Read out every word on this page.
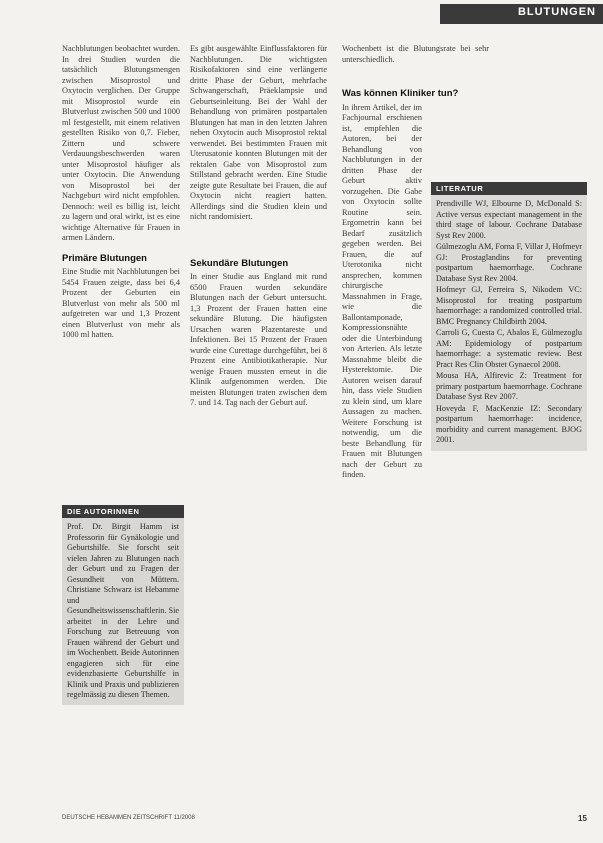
BLUTUNGEN

Nachblutungen beobachtet wurden. In drei Studien wurden die tatsächlich Blutungsmengen zwischen Misoprostol und Oxytocin verglichen. Der Gruppe mit Misoprostol wurde ein Blutverlust zwischen 500 und 1000 ml festgestellt, mit einem relativen gestellten Risiko von 0,7. Fieber, Zittern und schwere Verdauungsbeschwerden waren unter Misoprostol häufiger als unter Oxytocin. Die Anwendung von Misoprostol bei der Nachgeburt wird nicht empfohlen. Dennoch: weil es billig ist, leicht zu lagern und oral wirkt, ist es eine wichtige Alternative für Frauen in armen Ländern.

Primäre Blutungen

Eine Studie mit Nachblutungen bei 5454 Frauen zeigte, dass bei 6,4 Prozent der Geburten ein Blutverlust von mehr als 500 ml aufgetreten war und 1,3 Prozent einen Blutverlust von mehr als 1000 ml hatten.

DIE AUTORINNEN
Prof. Dr. Birgit Hamm ist Professorin für Gynäkologie und Geburtshilfe. Sie forscht seit vielen Jahren zu Blutungen nach der Geburt und zu Fragen der Gesundheit von Müttern. Christiane Schwarz ist Hebamme und Gesundheitswissenschaftlerin. Sie arbeitet in der Lehre und Forschung zur Betreuung von Frauen während der Geburt und im Wochenbett. Beide Autorinnen engagieren sich für eine evidenzbasierte Geburtshilfe in Klinik und Praxis und publizieren regelmässig zu diesen Themen.

Es gibt ausgewählte Einflussfaktoren für Nachblutungen. Die wichtigsten Risikofaktoren sind eine verlängerte dritte Phase der Geburt, mehrfache Schwangerschaft, Präeklampsie und Geburtseinleitung. Bei der Wahl der Behandlung von primären postpartalen Blutungen hat man in den letzten Jahren neben Oxytocin auch Misoprostol rektal verwendet. Bei bestimmten Frauen mit Uterusatonie konnten Blutungen mit der rektalen Gabe von Misoprostol zum Stillstand gebracht werden. Eine Studie zeigte gute Resultate bei Frauen, die auf Oxytocin nicht reagiert hatten. Allerdings sind die Studien klein und nicht randomisiert.

Sekundäre Blutungen

In einer Studie aus England mit rund 6500 Frauen wurden sekundäre Blutungen nach der Geburt untersucht. 1,3 Prozent der Frauen hatten eine sekundäre Blutung. Die häufigsten Ursachen waren Plazentareste und Infektionen. Bei 15 Prozent der Frauen wurde eine Curettage durchgeführt, bei 8 Prozent eine Antibiotikatherapie. Nur wenige Frauen mussten erneut in die Klinik aufgenommen werden. Die meisten Blutungen traten zwischen dem 7. und 14. Tag nach der Geburt auf.

Wochenbett ist die Blutungsrate bei sehr unterschiedlich.

Was können Kliniker tun?

In ihrem Artikel, der im Fachjournal erschienen ist, empfehlen die Autoren, bei der Behandlung von Nachblutungen in der dritten Phase der Geburt aktiv vorzugehen. Die Gabe von Oxytocin sollte Routine sein. Ergometrin kann bei Bedarf zusätzlich gegeben werden. Bei Frauen, die auf Uterotonika nicht ansprechen, kommen chirurgische Massnahmen in Frage, wie die Ballontamponade, Kompressionsnähte oder die Unterbindung von Arterien. Als letzte Massnahme bleibt die Hysterektomie. Die Autoren weisen darauf hin, dass viele Studien zu klein sind, um klare Aussagen zu machen. Weitere Forschung ist notwendig, um die beste Behandlung für Frauen mit Blutungen nach der Geburt zu finden.

LITERATUR

Prendiville WJ, Elbourne D, McDonald S: Active versus expectant management in the third stage of labour. Cochrane Database Syst Rev 2000.

Gülmezoglu AM, Forna F, Villar J, Hofmeyr GJ: Prostaglandins for preventing postpartum haemorrhage. Cochrane Database Syst Rev 2004.

Hofmeyr GJ, Ferreira S, Nikodem VC: Misoprostol for treating postpartum haemorrhage: a randomized controlled trial. BMC Pregnancy Childbirth 2004.

Carroli G, Cuesta C, Abalos E, Gülmezoglu AM: Epidemiology of postpartum haemorrhage: a systematic review. Best Pract Res Clin Obstet Gynaecol 2008.

Mousa HA, Alfirevic Z: Treatment for primary postpartum haemorrhage. Cochrane Database Syst Rev 2007.

Hoveyda F, MacKenzie IZ: Secondary postpartum haemorrhage: incidence, morbidity and current management. BJOG 2001.

DEUTSCHE HEBAMMEN ZEITSCHRIFT 11/2008	15
